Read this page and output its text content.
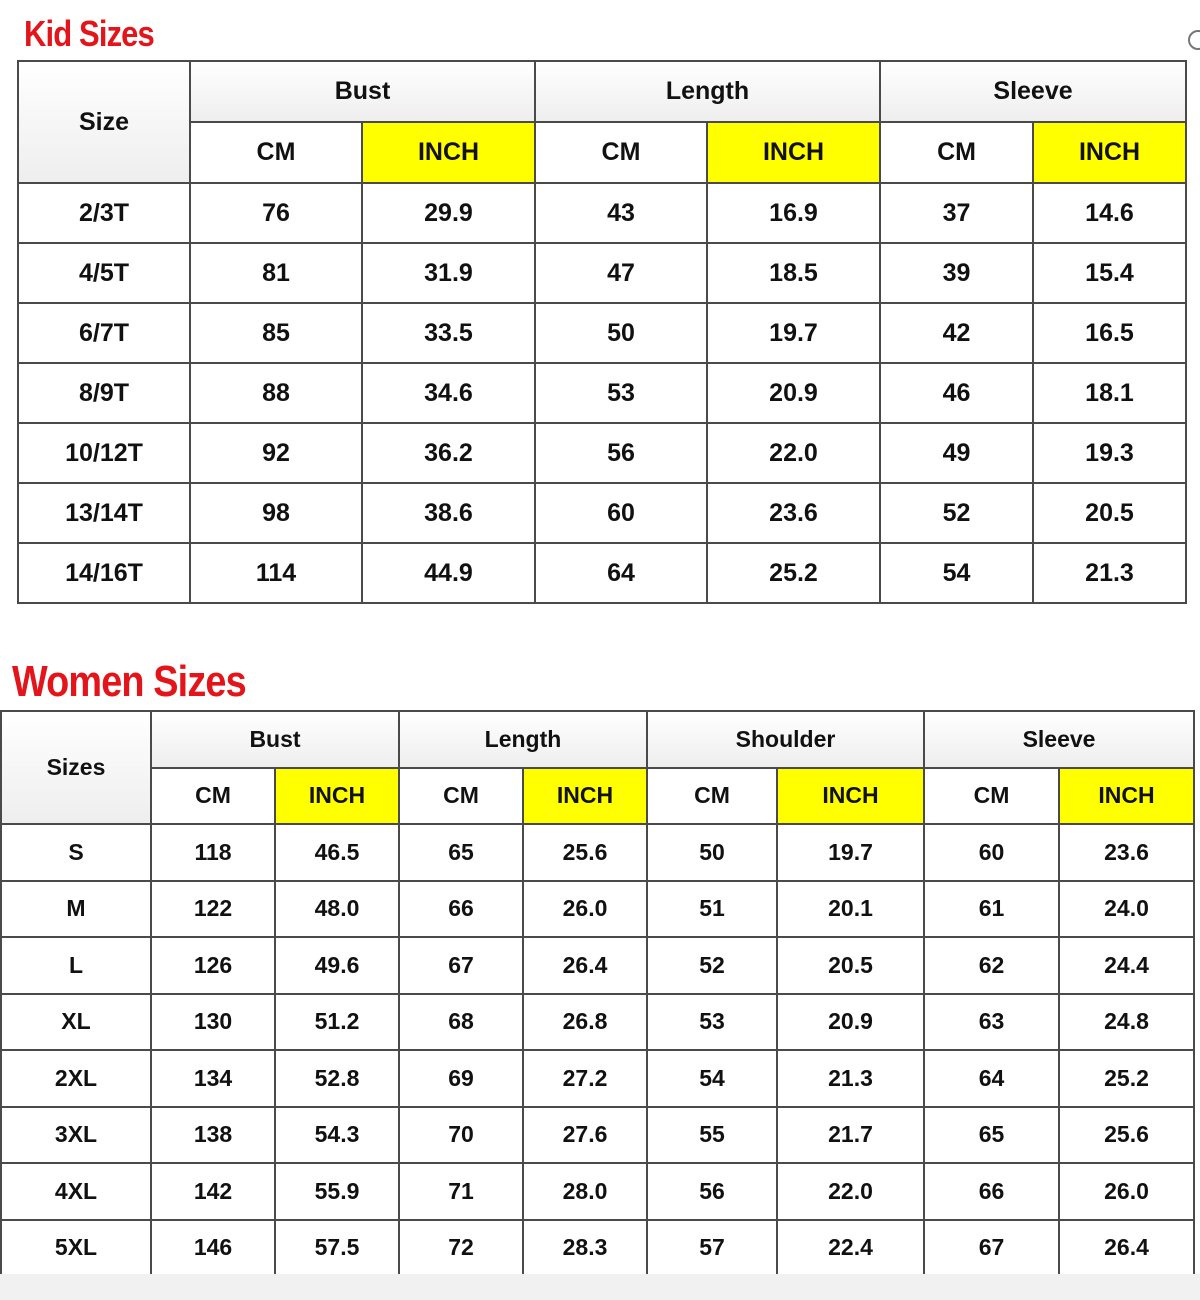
Kid Sizes
Size	Bust		Length		Sleeve	
	CM	INCH	CM	INCH	CM	INCH
2/3T	76	29.9	43	16.9	37	14.6
4/5T	81	31.9	47	18.5	39	15.4
6/7T	85	33.5	50	19.7	42	16.5
8/9T	88	34.6	53	20.9	46	18.1
10/12T	92	36.2	56	22.0	49	19.3
13/14T	98	38.6	60	23.6	52	20.5
14/16T	114	44.9	64	25.2	54	21.3
Women Sizes
Sizes	Bust		Length		Shoulder		Sleeve	
	CM	INCH	CM	INCH	CM	INCH	CM	INCH
S	118	46.5	65	25.6	50	19.7	60	23.6
M	122	48.0	66	26.0	51	20.1	61	24.0
L	126	49.6	67	26.4	52	20.5	62	24.4
XL	130	51.2	68	26.8	53	20.9	63	24.8
2XL	134	52.8	69	27.2	54	21.3	64	25.2
3XL	138	54.3	70	27.6	55	21.7	65	25.6
4XL	142	55.9	71	28.0	56	22.0	66	26.0
5XL	146	57.5	72	28.3	57	22.4	67	26.4
